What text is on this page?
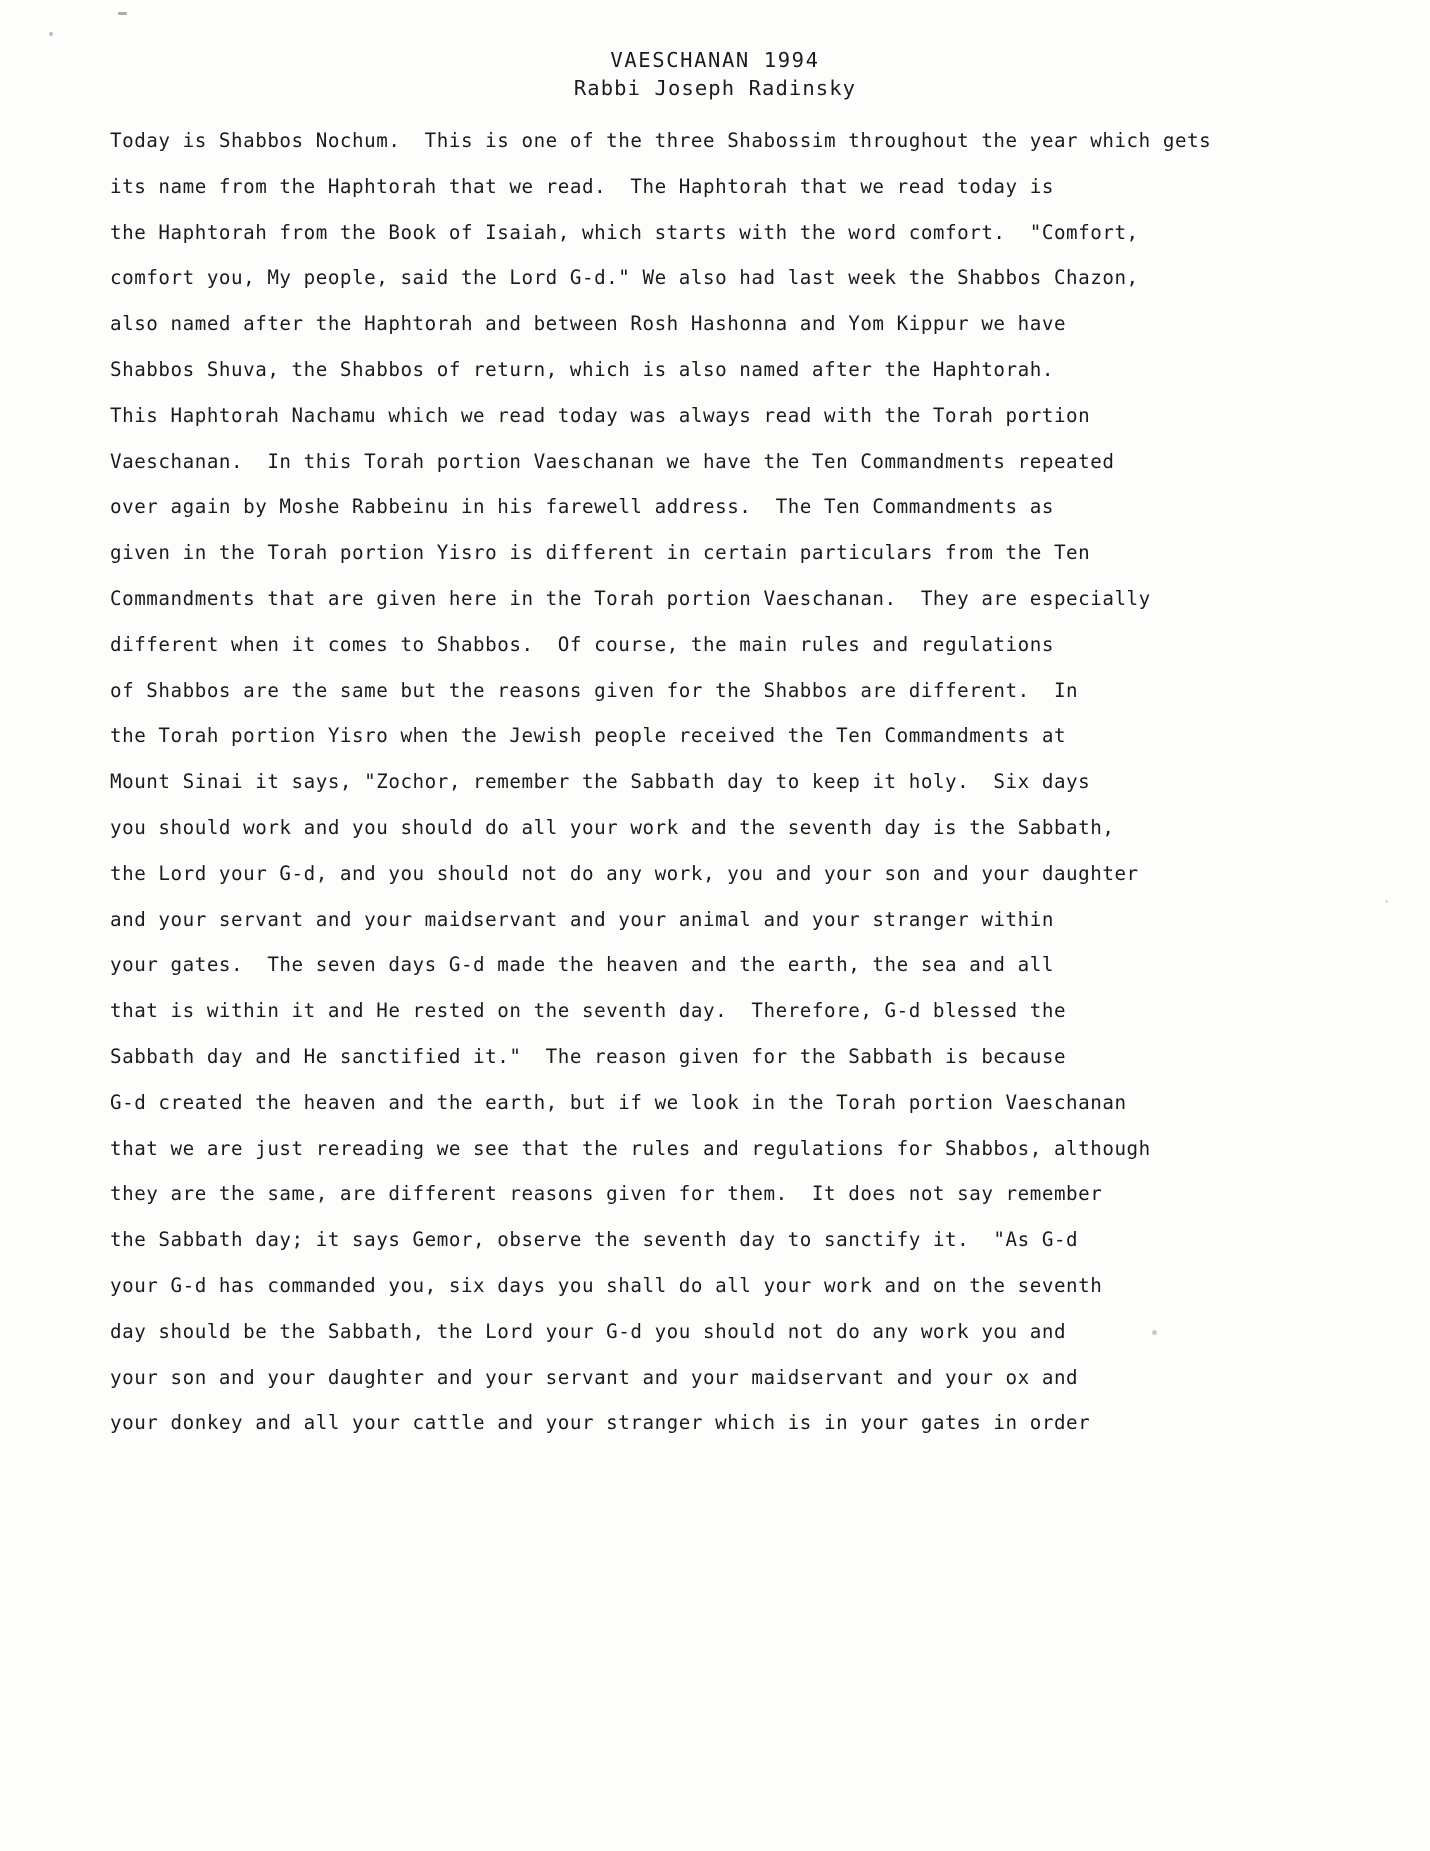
VAESCHANAN 1994
Rabbi Joseph Radinsky

Today is Shabbos Nochum.  This is one of the three Shabossim throughout the year which gets
its name from the Haphtorah that we read.  The Haphtorah that we read today is
the Haphtorah from the Book of Isaiah, which starts with the word comfort.  "Comfort,
comfort you, My people, said the Lord G-d." We also had last week the Shabbos Chazon,
also named after the Haphtorah and between Rosh Hashonna and Yom Kippur we have
Shabbos Shuva, the Shabbos of return, which is also named after the Haphtorah.
This Haphtorah Nachamu which we read today was always read with the Torah portion
Vaeschanan.  In this Torah portion Vaeschanan we have the Ten Commandments repeated
over again by Moshe Rabbeinu in his farewell address.  The Ten Commandments as
given in the Torah portion Yisro is different in certain particulars from the Ten
Commandments that are given here in the Torah portion Vaeschanan.  They are especially
different when it comes to Shabbos.  Of course, the main rules and regulations
of Shabbos are the same but the reasons given for the Shabbos are different.  In
the Torah portion Yisro when the Jewish people received the Ten Commandments at
Mount Sinai it says, "Zochor, remember the Sabbath day to keep it holy.  Six days
you should work and you should do all your work and the seventh day is the Sabbath,
the Lord your G-d, and you should not do any work, you and your son and your daughter
and your servant and your maidservant and your animal and your stranger within
your gates.  The seven days G-d made the heaven and the earth, the sea and all
that is within it and He rested on the seventh day.  Therefore, G-d blessed the
Sabbath day and He sanctified it."  The reason given for the Sabbath is because
G-d created the heaven and the earth, but if we look in the Torah portion Vaeschanan
that we are just rereading we see that the rules and regulations for Shabbos, although
they are the same, are different reasons given for them.  It does not say remember
the Sabbath day; it says Gemor, observe the seventh day to sanctify it.  "As G-d
your G-d has commanded you, six days you shall do all your work and on the seventh
day should be the Sabbath, the Lord your G-d you should not do any work you and
your son and your daughter and your servant and your maidservant and your ox and
your donkey and all your cattle and your stranger which is in your gates in order
